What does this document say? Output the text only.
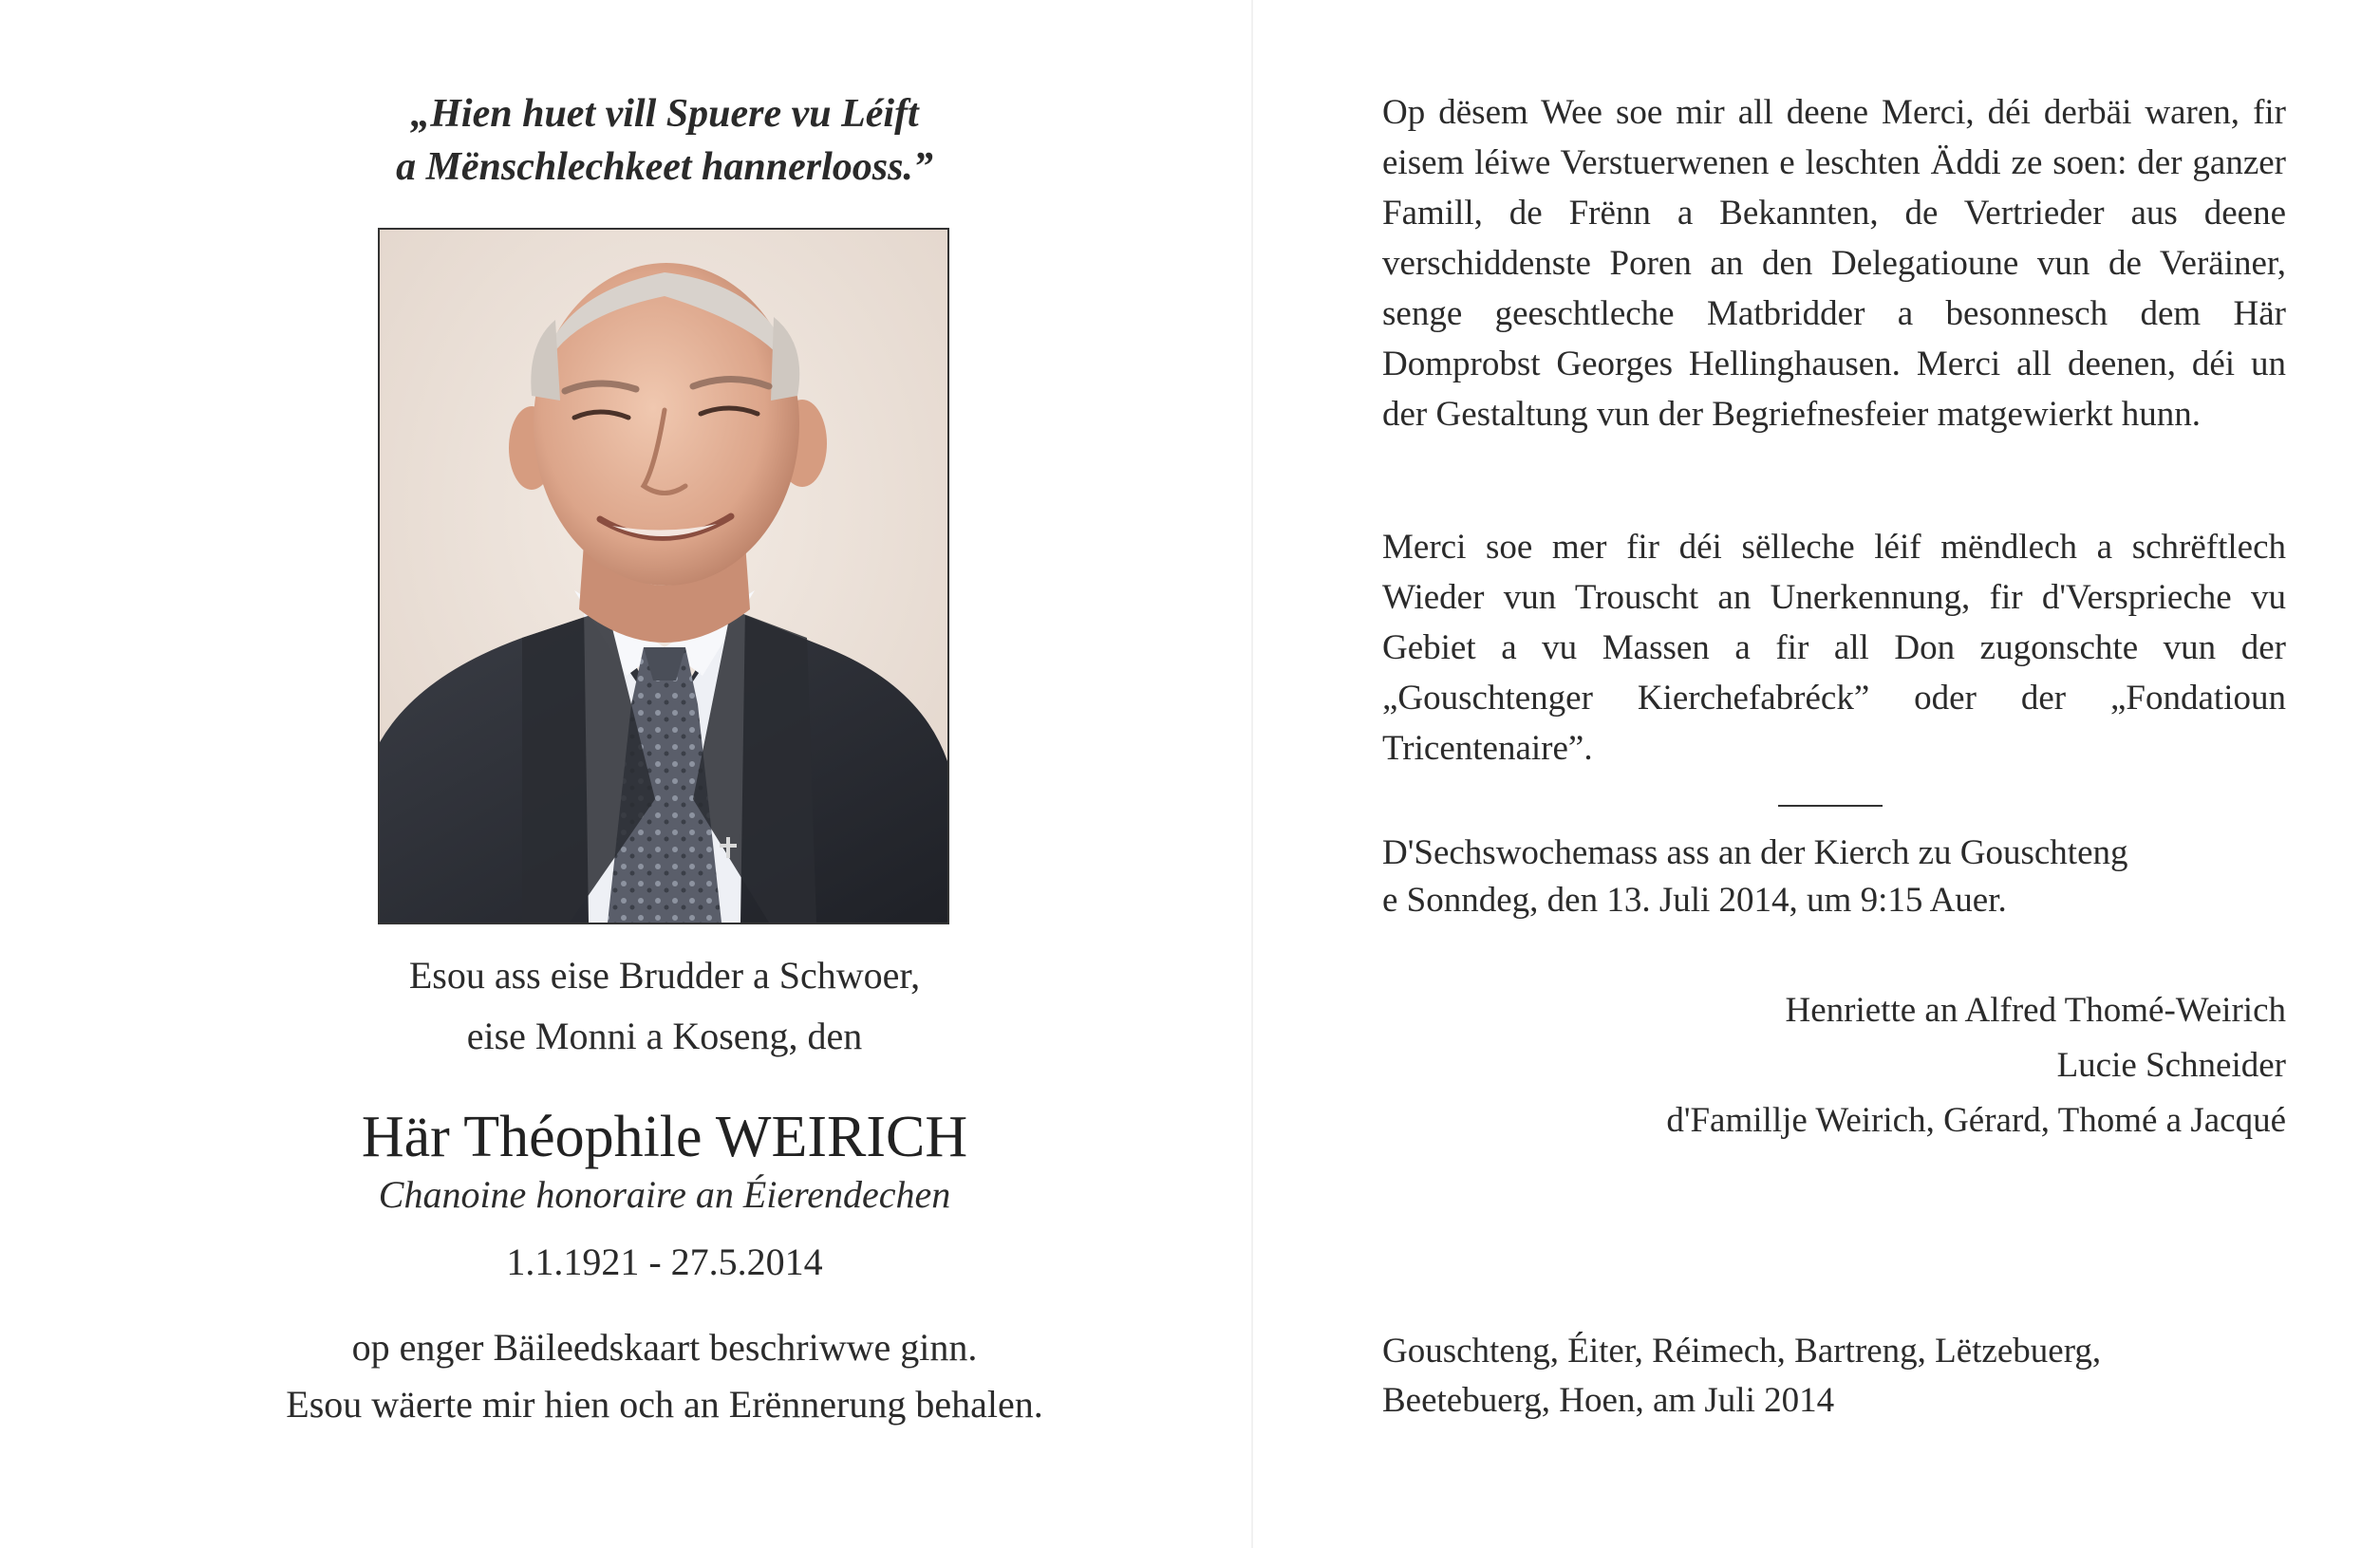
„Hien huet vill Spuere vu Léift
a Mënschlechkeet hannerlooss.”
Esou ass eise Brudder a Schwoer,
eise Monni a Koseng, den
Här Théophile WEIRICH
Chanoine honoraire an Éierendechen
1.1.1921 - 27.5.2014
op enger Bäileedskaart beschriwwe ginn.
Esou wäerte mir hien och an Erënnerung behalen.

Op dësem Wee soe mir all deene Merci, déi derbäi waren, fir eisem léiwe Verstuerwenen e leschten Äddi ze soen: der ganzer Famill, de Frënn a Bekannten, de Vertrieder aus deene verschiddenste Poren an den Delegatioune vun de Veräiner, senge geeschtleche Matbridder a besonnesch dem Här Domprobst Georges Hellinghausen. Merci all deenen, déi un der Gestaltung vun der Begriefnesfeier matgewierkt hunn.

Merci soe mer fir déi sëlleche léif mëndlech a schrëftlech Wieder vun Trouscht an Unerkennung, fir d'Versprieche vu Gebiet a vu Massen a fir all Don zugonschte vun der „Gouschtenger Kierchefabréck” oder der „Fondatioun Tricentenaire”.

D'Sechswochemass ass an der Kierch zu Gouschteng
e Sonndeg, den 13. Juli 2014, um 9:15 Auer.
Henriette an Alfred Thomé-Weirich
Lucie Schneider
d'Famillje Weirich, Gérard, Thomé a Jacqué
Gouschteng, Éiter, Réimech, Bartreng, Lëtzebuerg,
Beetebuerg, Hoen, am Juli 2014
